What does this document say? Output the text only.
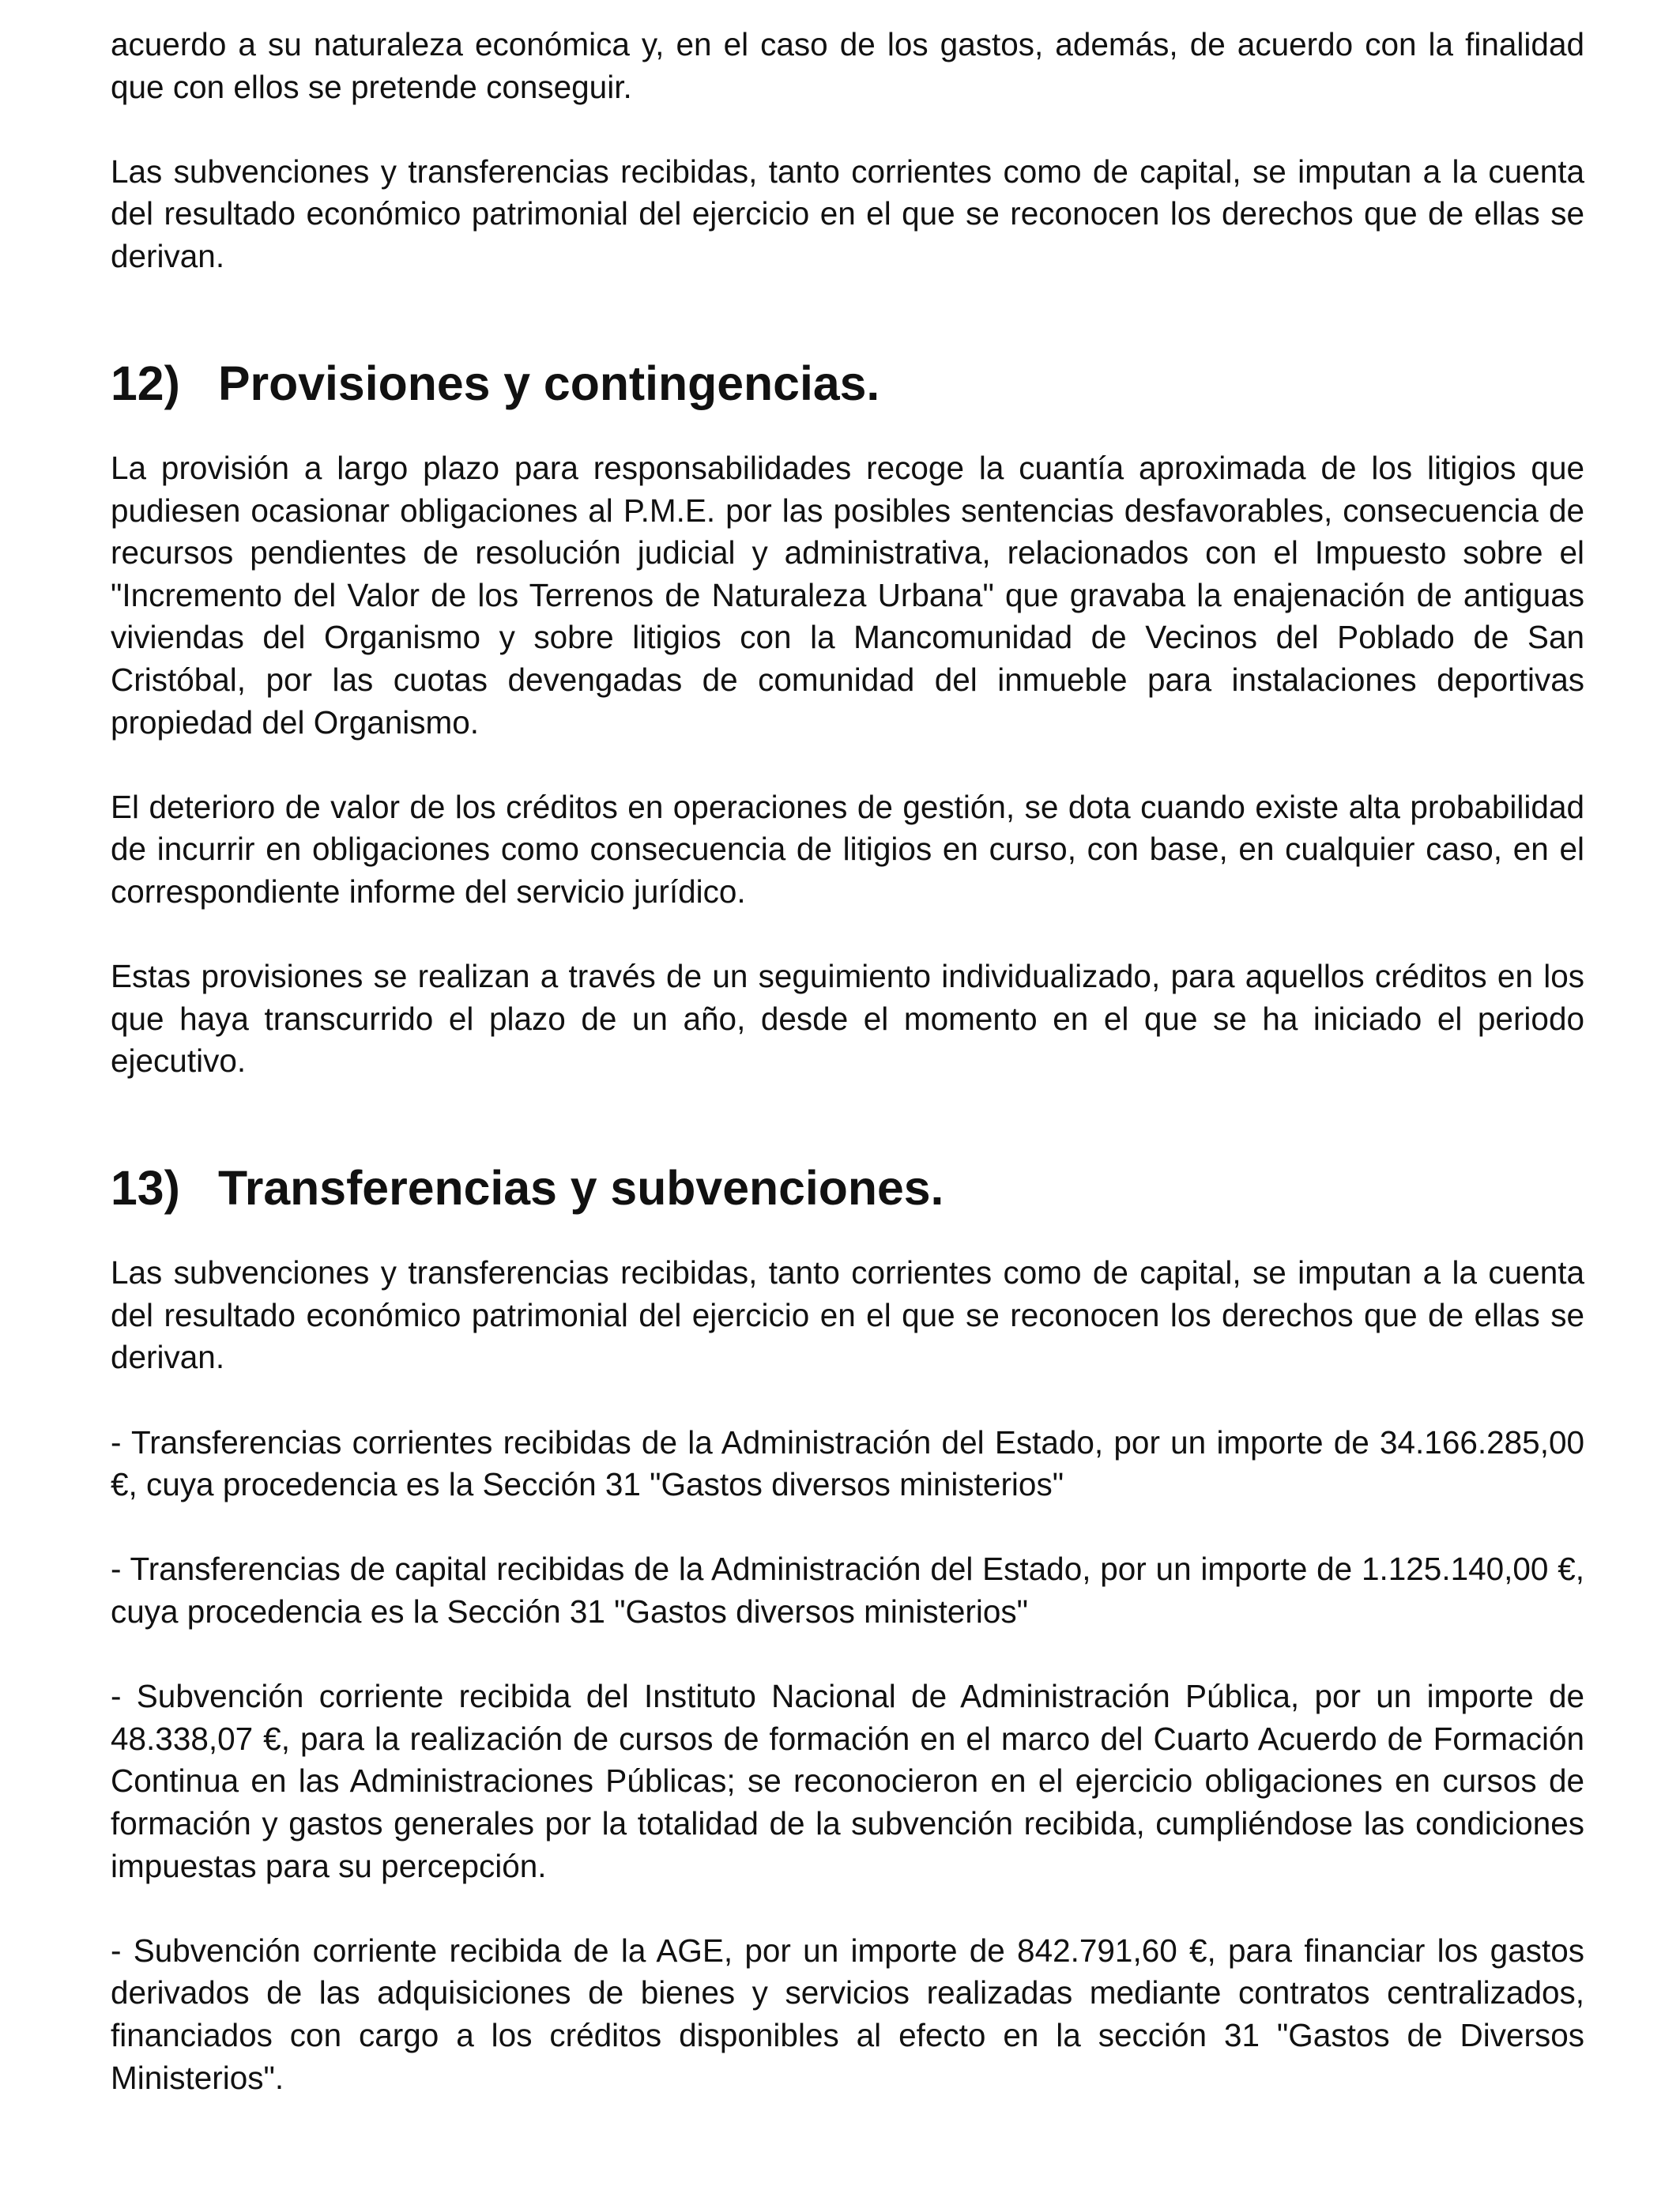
acuerdo a su naturaleza económica y, en el caso de los gastos, además, de acuerdo con la finalidad que con ellos se pretende conseguir.

Las subvenciones y transferencias recibidas, tanto corrientes como de capital, se imputan a la cuenta del resultado económico patrimonial del ejercicio en el que se reconocen los derechos que de ellas se derivan.

12) Provisiones y contingencias.

La provisión a largo plazo para responsabilidades recoge la cuantía aproximada de los litigios que pudiesen ocasionar obligaciones al P.M.E. por las posibles sentencias desfavorables, consecuencia de recursos pendientes de resolución judicial y administrativa, relacionados con el Impuesto sobre el "Incremento del Valor de los Terrenos de Naturaleza Urbana" que gravaba la enajenación de antiguas viviendas del Organismo y sobre litigios con la Mancomunidad de Vecinos del Poblado de San Cristóbal, por las cuotas devengadas de comunidad del inmueble para instalaciones deportivas propiedad del Organismo.

El deterioro de valor de los créditos en operaciones de gestión, se dota cuando existe alta probabilidad de incurrir en obligaciones como consecuencia de litigios en curso, con base, en cualquier caso, en el correspondiente informe del servicio jurídico.

Estas provisiones se realizan a través de un seguimiento individualizado, para aquellos créditos en los que haya transcurrido el plazo de un año, desde el momento en el que se ha iniciado el periodo ejecutivo.

13) Transferencias y subvenciones.

Las subvenciones y transferencias recibidas, tanto corrientes como de capital, se imputan a la cuenta del resultado económico patrimonial del ejercicio en el que se reconocen los derechos que de ellas se derivan.

- Transferencias corrientes recibidas de la Administración del Estado, por un importe de 34.166.285,00 €, cuya procedencia es la Sección 31 "Gastos diversos ministerios"

- Transferencias de capital recibidas de la Administración del Estado, por un importe de 1.125.140,00 €, cuya procedencia es la Sección 31 "Gastos diversos ministerios"

- Subvención corriente recibida del Instituto Nacional de Administración Pública, por un importe de 48.338,07 €, para la realización de cursos de formación en el marco del Cuarto Acuerdo de Formación Continua en las Administraciones Públicas; se reconocieron en el ejercicio obligaciones en cursos de formación y gastos generales por la totalidad de la subvención recibida, cumpliéndose las condiciones impuestas para su percepción.

- Subvención corriente recibida de la AGE, por un importe de 842.791,60 €, para financiar los gastos derivados de las adquisiciones de bienes y servicios realizadas mediante contratos centralizados, financiados con cargo a los créditos disponibles al efecto en la sección 31 "Gastos de Diversos Ministerios".
